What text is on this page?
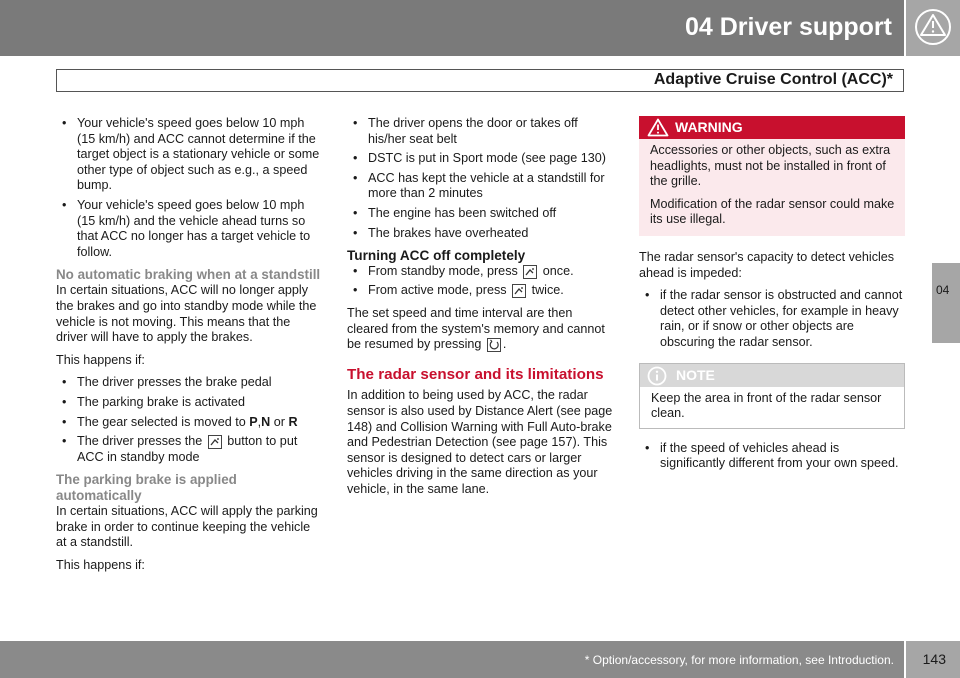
04 Driver support
Adaptive Cruise Control (ACC)*
04
• Your vehicle's speed goes below 10 mph (15 km/h) and ACC cannot determine if the target object is a stationary vehicle or some other type of object such as e.g., a speed bump.
• Your vehicle's speed goes below 10 mph (15 km/h) and the vehicle ahead turns so that ACC no longer has a target vehicle to follow.
No automatic braking when at a standstill

In certain situations, ACC will no longer apply the brakes and go into standby mode while the vehicle is not moving. This means that the driver will have to apply the brakes.

This happens if:

• The driver presses the brake pedal
• The parking brake is activated
• The gear selected is moved to P,N or R
• The driver presses the  button to put ACC in standby mode
The parking brake is applied automatically

In certain situations, ACC will apply the parking brake in order to continue keeping the vehicle at a standstill.

This happens if:

• The driver opens the door or takes off his/her seat belt
• DSTC is put in Sport mode (see page 130)
• ACC has kept the vehicle at a standstill for more than 2 minutes
• The engine has been switched off
• The brakes have overheated
Turning ACC off completely
• From standby mode, press  once.
• From active mode, press  twice.

The set speed and time interval are then cleared from the system's memory and cannot be resumed by pressing .

The radar sensor and its limitations

In addition to being used by ACC, the radar sensor is also used by Distance Alert (see page 148) and Collision Warning with Full Auto-brake and Pedestrian Detection (see page 157). This sensor is designed to detect cars or larger vehicles driving in the same direction as your vehicle, in the same lane.

WARNING

Accessories or other objects, such as extra headlights, must not be installed in front of the grille.

Modification of the radar sensor could make its use illegal.

The radar sensor's capacity to detect vehicles ahead is impeded:

• if the radar sensor is obstructed and cannot detect other vehicles, for example in heavy rain, or if snow or other objects are obscuring the radar sensor.
NOTE

Keep the area in front of the radar sensor clean.

• if the speed of vehicles ahead is significantly different from your own speed.
* Option/accessory, for more information, see Introduction. 143
